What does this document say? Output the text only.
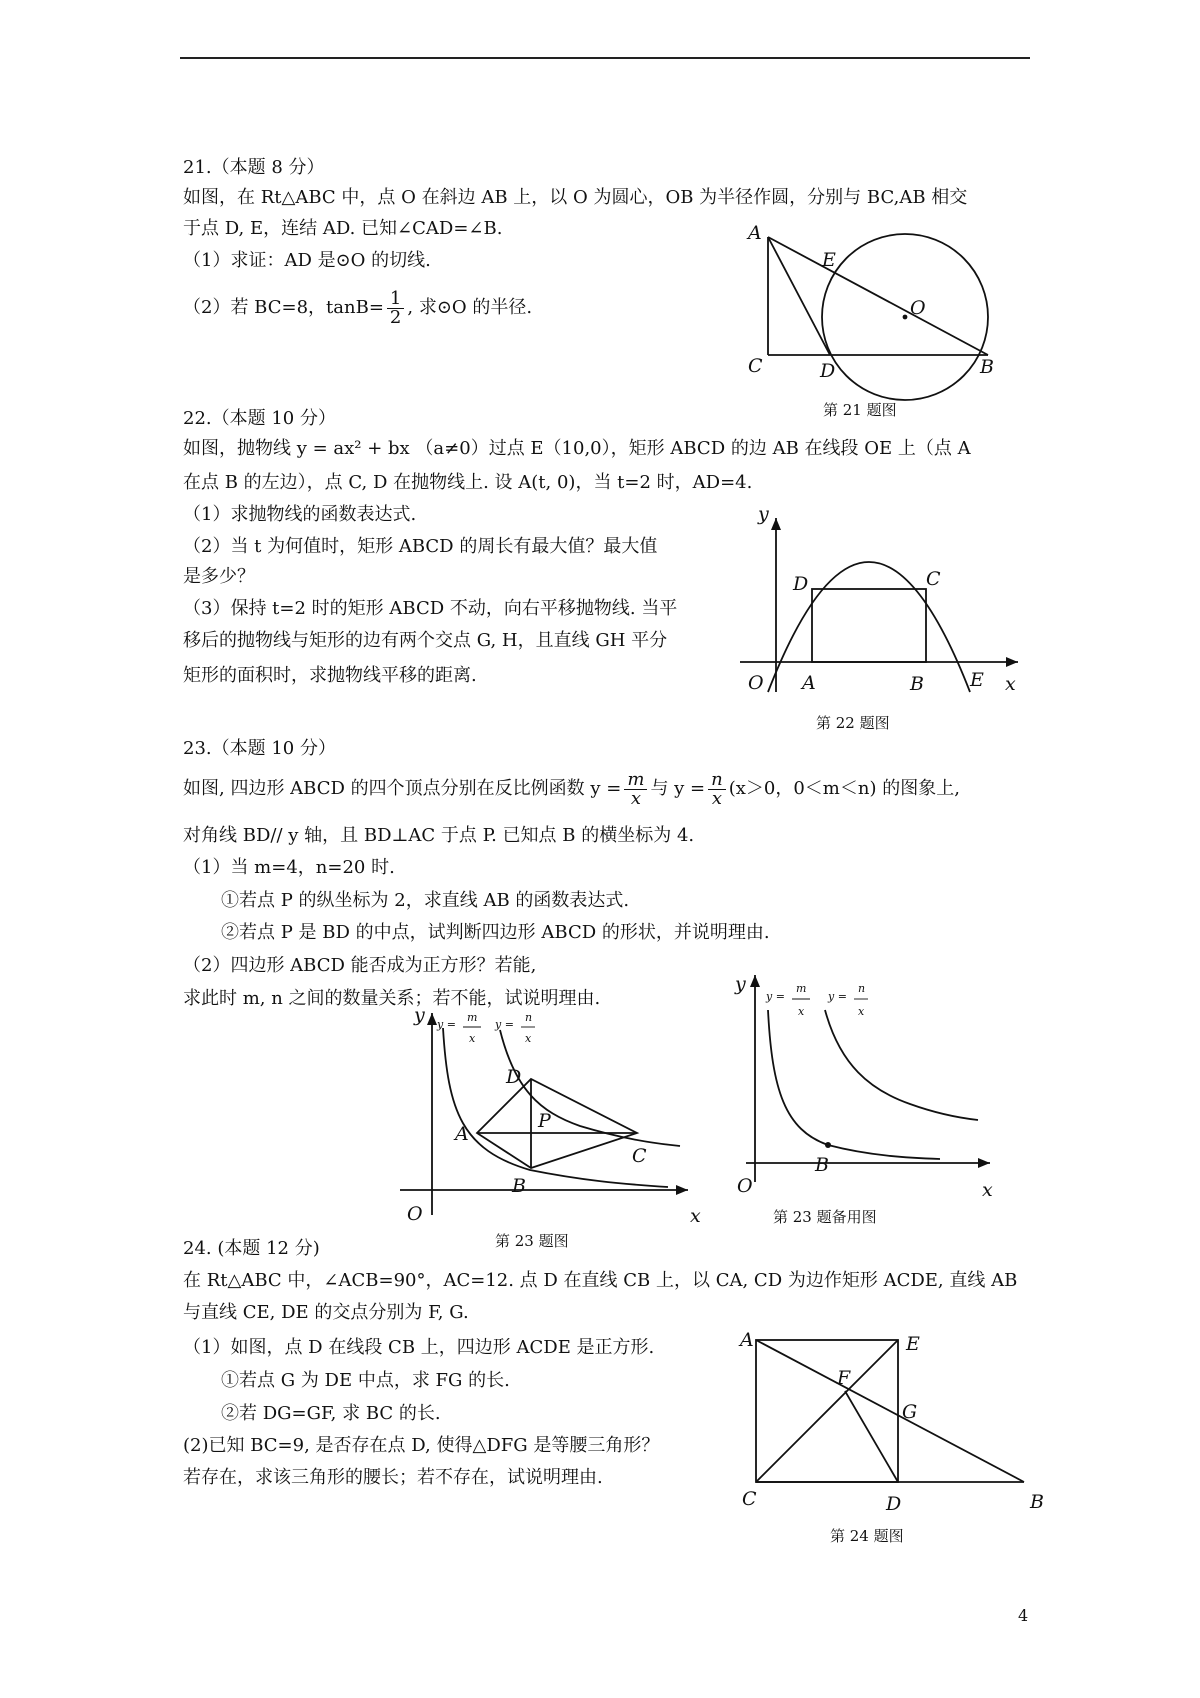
21.（本题 8 分）
如图，在 Rt△ABC 中，点 O 在斜边 AB 上，以 O 为圆心，OB 为半径作圆，分别与 BC,AB 相交
于点 D, E，连结 AD. 已知∠CAD=∠B.
（1）求证：AD 是⊙O 的切线.
（2）若 BC=8，$\tan B= \frac{1}{2}$ , 求⊙O 的半径.
A
E
O
C	D	B
第 21 题图
22.（本题 10 分）
如图，抛物线 y = ax² + bx （a≠0）过点 E（10,0），矩形 ABCD 的边 AB 在线段 OE 上（点 A
在点 B 的左边），点 C, D 在抛物线上. 设 A(t, 0)，当 t=2 时，AD=4.
（1）求抛物线的函数表达式.
（2）当 t 为何值时，矩形 ABCD 的周长有最大值？最大值
是多少？
（3）保持 t=2 时的矩形 ABCD 不动，向右平移抛物线. 当平
移后的抛物线与矩形的边有两个交点 G, H，且直线 GH 平分
矩形的面积时，求抛物线平移的距离.
y
x
O A	B
C
D
E
第 22 题图
23.（本题 10 分）
如图, 四边形 ABCD 的四个顶点分别在反比例函数 $y = \frac{m}{x}$ 与 $y = \frac{n}{x} (x>0$，0＜m＜n) 的图象上,
对角线 BD// y 轴，且 BD⊥AC 于点 P. 已知点 B 的横坐标为 4.
（1）当 m=4，n=20 时.
①若点 P 的纵坐标为 2，求直线 AB 的函数表达式.
②若点 P 是 BD 的中点，试判断四边形 ABCD 的形状，并说明理由.
（2）四边形 ABCD 能否成为正方形？若能,
求此时 m, n 之间的数量关系；若不能，试说明理由.
y
x
O
A
B
C
D
P
y =
m
x
y =
n
x
第 23 题图
y
x
O
B
y =
m
x
y =
n
x
第 23 题备用图
24. (本题 12 分)
在 Rt△ABC 中，∠ACB=90°，AC=12. 点 D 在直线 CB 上，以 CA, CD 为边作矩形 ACDE, 直线 AB
与直线 CE, DE 的交点分别为 F, G.
（1）如图，点 D 在线段 CB 上，四边形 ACDE 是正方形.
①若点 G 为 DE 中点，求 FG 的长.
②若 DG=GF, 求 BC 的长.
(2)已知 BC=9, 是否存在点 D, 使得△DFG 是等腰三角形？
若存在，求该三角形的腰长；若不存在，试说明理由.
A	E
F
G
C	D	B
第 24 题图
4
